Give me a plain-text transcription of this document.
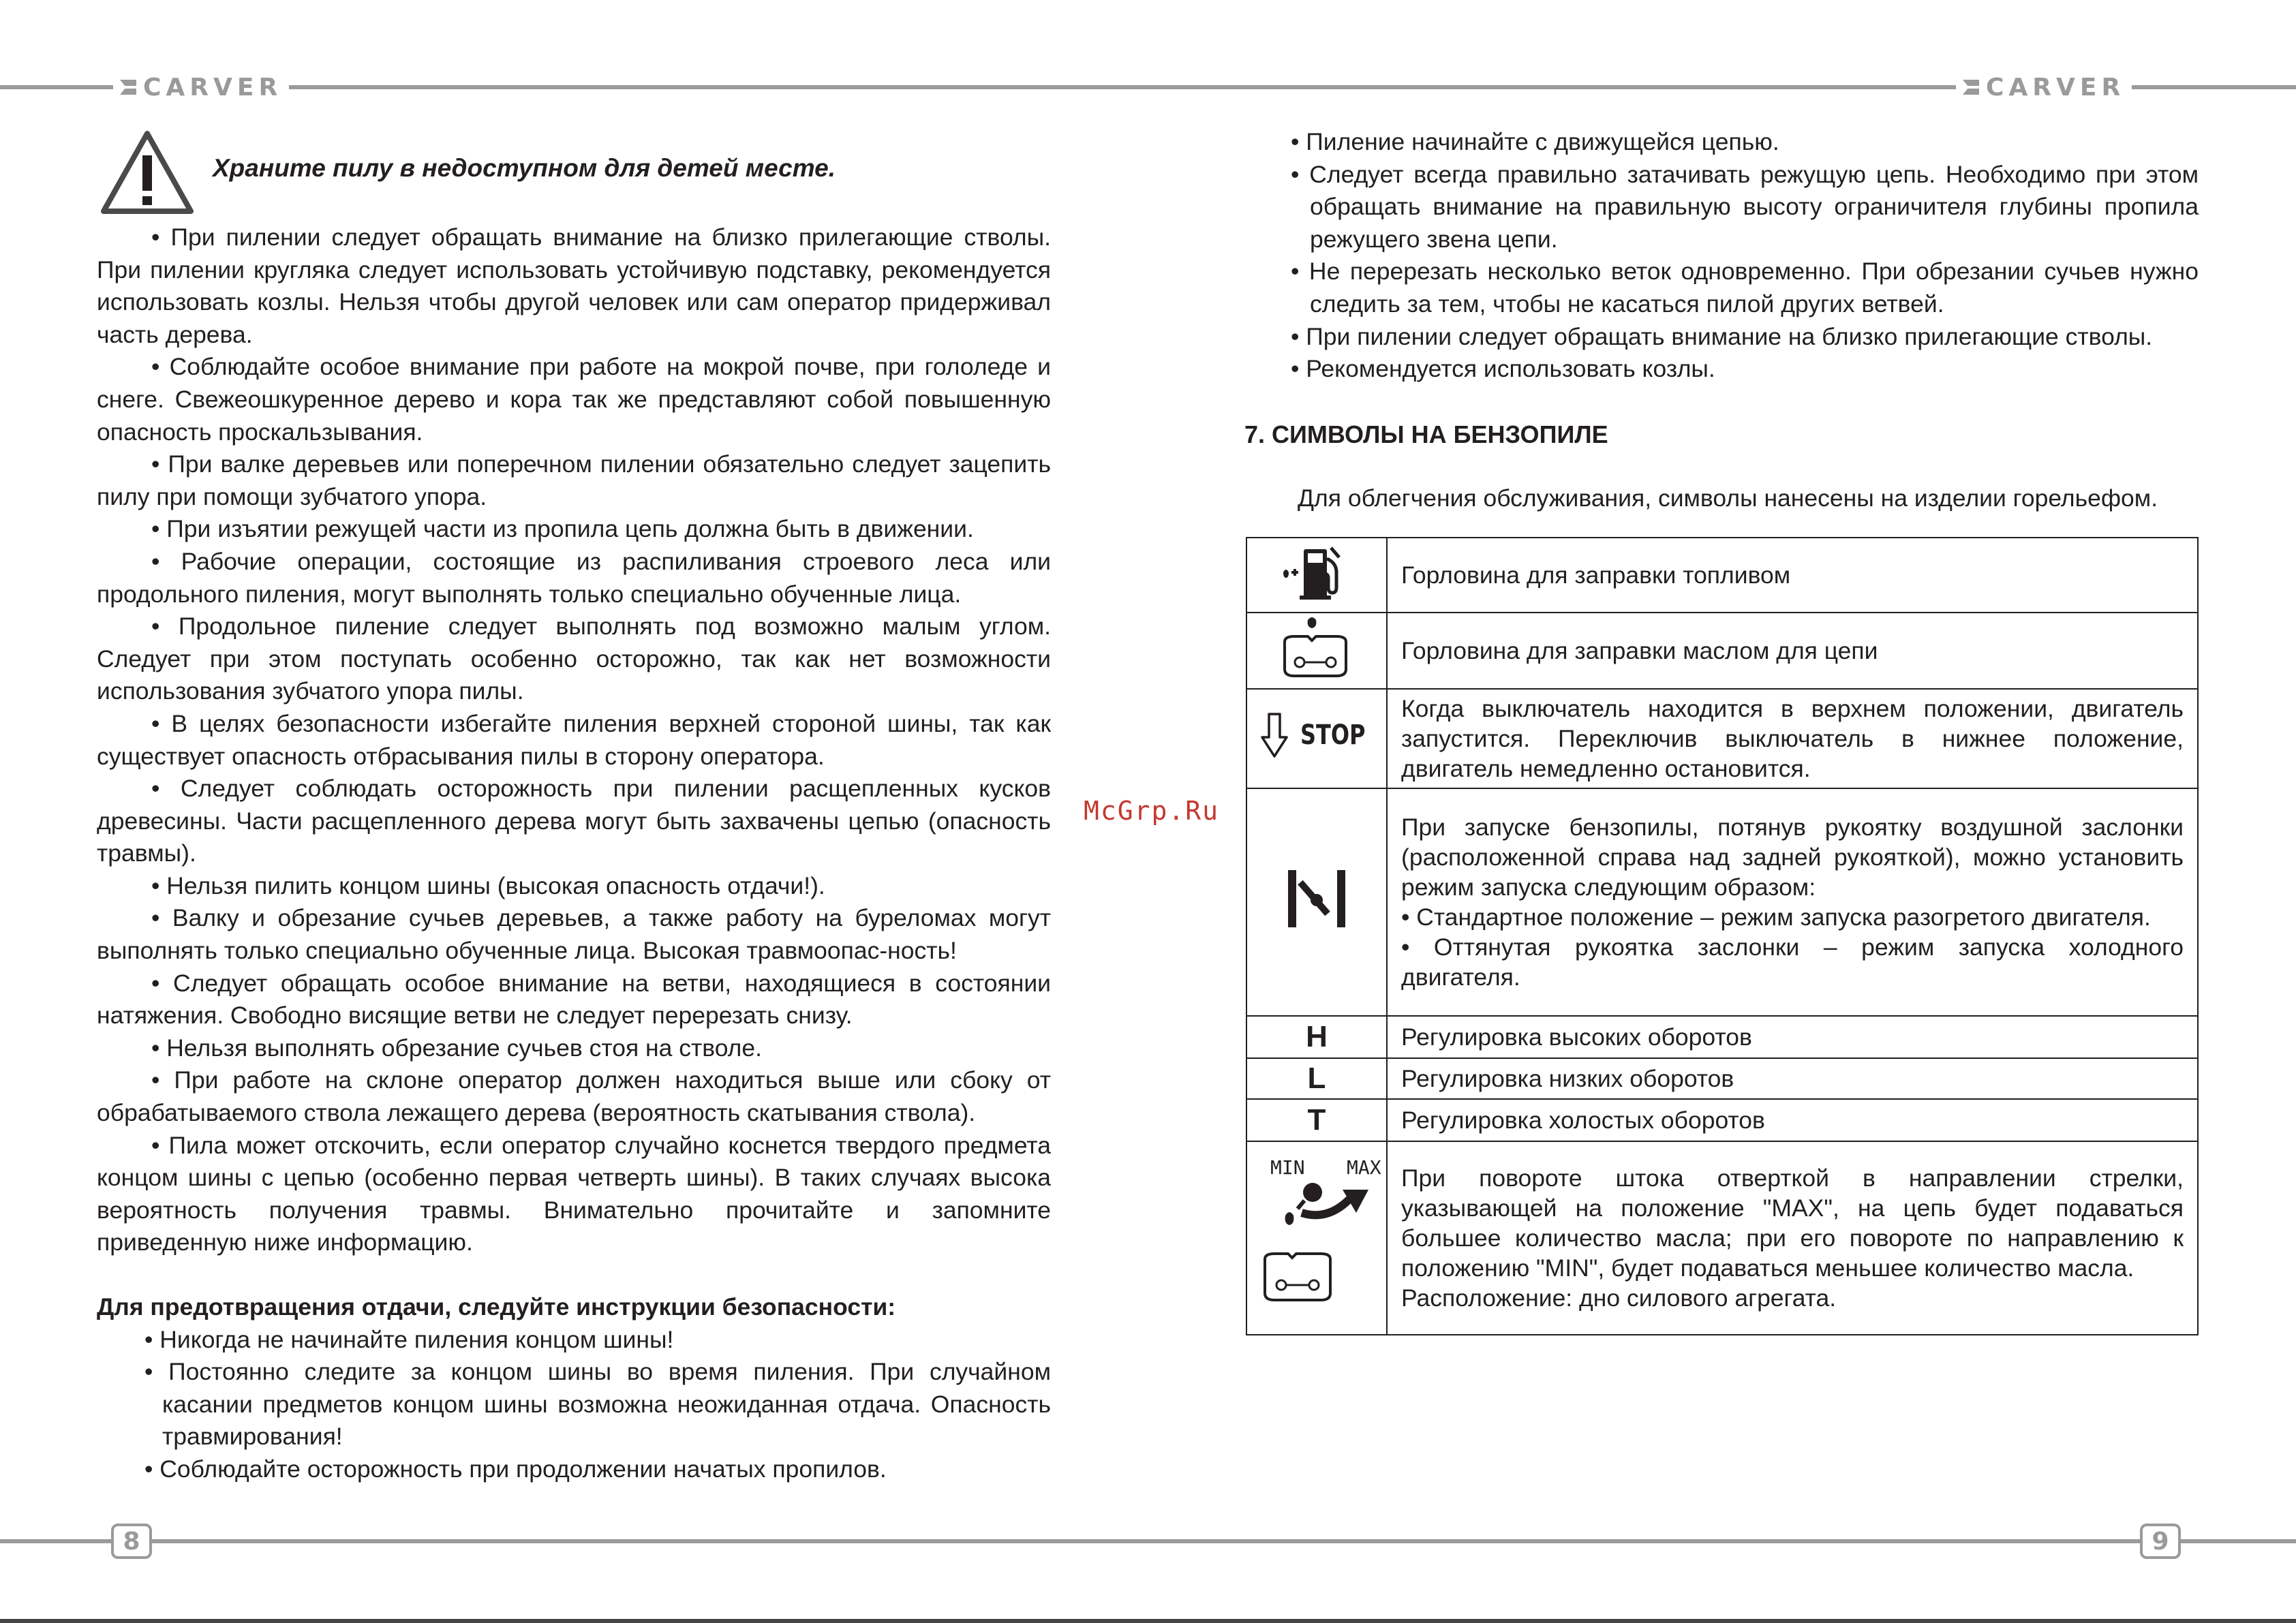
CARVER	CARVER
8	9
Храните пилу в недоступном для детей месте.

• При пилении следует обращать внимание на близко прилегающие стволы. При пилении кругляка следует использовать устойчивую подставку, рекомендуется использовать козлы. Нельзя чтобы другой человек или сам оператор придерживал часть дерева.

• Соблюдайте особое внимание при работе на мокрой почве, при гололеде и снеге. Свежеошкуренное дерево и кора так же представляют собой повышенную опасность проскальзывания.

• При валке деревьев или поперечном пилении обязательно следует зацепить пилу при помощи зубчатого упора.

• При изъятии режущей части из пропила цепь должна быть в движении.

• Рабочие операции, состоящие из распиливания строевого леса или продольного пиления, могут выполнять только специально обученные лица.

• Продольное пиление следует выполнять под возможно малым углом. Следует при этом поступать особенно осторожно, так как нет возможности использования зубчатого упора пилы.

• В целях безопасности избегайте пиления верхней стороной шины, так как существует опасность отбрасывания пилы в сторону оператора.

• Следует соблюдать осторожность при пилении расщепленных кусков древесины. Части расщепленного дерева могут быть захвачены цепью (опасность травмы).

• Нельзя пилить концом шины (высокая опасность отдачи!).

• Валку и обрезание сучьев деревьев, а также работу на буреломах могут выполнять только специально обученные лица. Высокая травмоопас-ность!

• Следует обращать особое внимание на ветви, находящиеся в состоянии натяжения. Свободно висящие ветви не следует перерезать снизу.

• Нельзя выполнять обрезание сучьев стоя на стволе.

• При работе на склоне оператор должен находиться выше или сбоку от обрабатываемого ствола лежащего дерева (вероятность скатывания ствола).

• Пила может отскочить, если оператор случайно коснется твердого предмета концом шины с цепью (особенно первая четверть шины). В таких случаях высока вероятность получения травмы. Внимательно прочитайте и запомните приведенную ниже информацию.

Для предотвращения отдачи, следуйте инструкции безопасности:

• Никогда не начинайте пиления концом шины!

• Постоянно следите за концом шины во время пиления. При случайном касании предметов концом шины возможна неожиданная отдача. Опасность травмирования!

• Соблюдайте осторожность при продолжении начатых пропилов.

McGrp.Ru

• Пиление начинайте с движущейся цепью.

• Следует всегда правильно затачивать режущую цепь. Необходимо при этом обращать внимание на правильную высоту ограничителя глубины пропила режущего звена цепи.

• Не перерезать несколько веток одновременно. При обрезании сучьев нужно следить за тем, чтобы не касаться пилой других ветвей.

• При пилении следует обращать внимание на близко прилегающие стволы.

• Рекомендуется использовать козлы.

7. СИМВОЛЫ НА БЕНЗОПИЛЕ
Для облегчения обслуживания, символы нанесены на изделии горельефом.
	Горловина для заправки топливом
	Горловина для заправки маслом для цепи

STOP	Когда выключатель находится в верхнем положении, двигатель запустится. Переключив выключатель в нижнее положение, двигатель немедленно остановится.
	При запуске бензопилы, потянув рукоятку воздушной заслонки (расположенной справа над задней рукояткой), можно установить режим запуска следующим образом:
• Стандартное положение – режим запуска разогретого двигателя.
• Оттянутая рукоятка заслонки – режим запуска холодного двигателя.
H	Регулировка высоких оборотов
L	Регулировка низких оборотов
T	Регулировка холостых оборотов

MIN MAX	При повороте штока отверткой в направлении стрелки, указывающей на положение "MAX", на цепь будет подаваться большее количество масла; при его повороте по направлению к положению "MIN", будет подаваться меньшее количество масла.
Расположение: дно силового агрегата.
